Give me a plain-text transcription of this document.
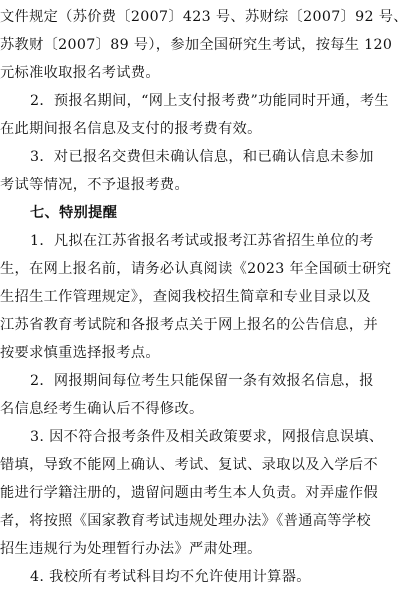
文件规定（苏价费〔2007〕423 号、苏财综〔2007〕92 号、
苏教财〔2007〕89 号），参加全国研究生考试，按每生 120
元标准收取报名考试费。
2．预报名期间，“网上支付报考费”功能同时开通，考生
在此期间报名信息及支付的报考费有效。
3．对已报名交费但未确认信息，和已确认信息未参加
考试等情况，不予退报考费。
七、特别提醒
1．凡拟在江苏省报名考试或报考江苏省招生单位的考
生，在网上报名前，请务必认真阅读《2023 年全国硕士研究
生招生工作管理规定》，查阅我校招生简章和专业目录以及
江苏省教育考试院和各报考点关于网上报名的公告信息，并
按要求慎重选择报考点。
2．网报期间每位考生只能保留一条有效报名信息，报
名信息经考生确认后不得修改。
3. 因不符合报考条件及相关政策要求，网报信息误填、
错填，导致不能网上确认、考试、复试、录取以及入学后不
能进行学籍注册的，遗留问题由考生本人负责。对弄虚作假
者，将按照《国家教育考试违规处理办法》《普通高等学校
招生违规行为处理暂行办法》严肃处理。
4. 我校所有考试科目均不允许使用计算器。
